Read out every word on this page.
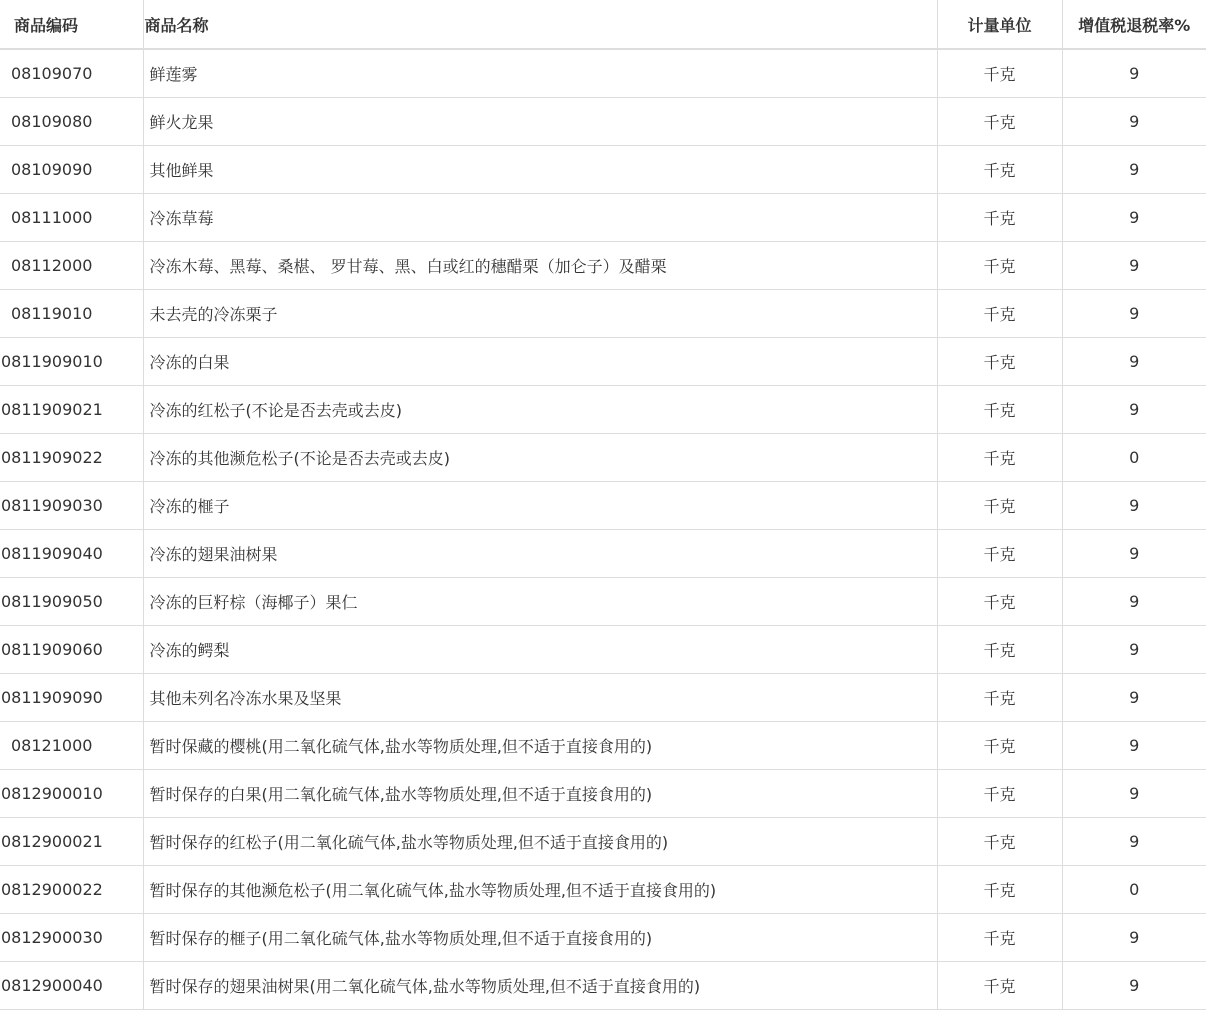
商品编码	商品名称	计量单位	增值税退税率%
08109070	鲜莲雾	千克	9
08109080	鲜火龙果	千克	9
08109090	其他鲜果	千克	9
08111000	冷冻草莓	千克	9
08112000	冷冻木莓、黑莓、桑椹、 罗甘莓、黑、白或红的穗醋栗（加仑子）及醋栗	千克	9
08119010	未去壳的冷冻栗子	千克	9
0811909010	冷冻的白果	千克	9
0811909021	冷冻的红松子(不论是否去壳或去皮)	千克	9
0811909022	冷冻的其他濒危松子(不论是否去壳或去皮)	千克	0
0811909030	冷冻的榧子	千克	9
0811909040	冷冻的翅果油树果	千克	9
0811909050	冷冻的巨籽棕（海椰子）果仁	千克	9
0811909060	冷冻的鳄梨	千克	9
0811909090	其他未列名冷冻水果及坚果	千克	9
08121000	暂时保藏的樱桃(用二氧化硫气体,盐水等物质处理,但不适于直接食用的)	千克	9
0812900010	暂时保存的白果(用二氧化硫气体,盐水等物质处理,但不适于直接食用的)	千克	9
0812900021	暂时保存的红松子(用二氧化硫气体,盐水等物质处理,但不适于直接食用的)	千克	9
0812900022	暂时保存的其他濒危松子(用二氧化硫气体,盐水等物质处理,但不适于直接食用的)	千克	0
0812900030	暂时保存的榧子(用二氧化硫气体,盐水等物质处理,但不适于直接食用的)	千克	9
0812900040	暂时保存的翅果油树果(用二氧化硫气体,盐水等物质处理,但不适于直接食用的)	千克	9
